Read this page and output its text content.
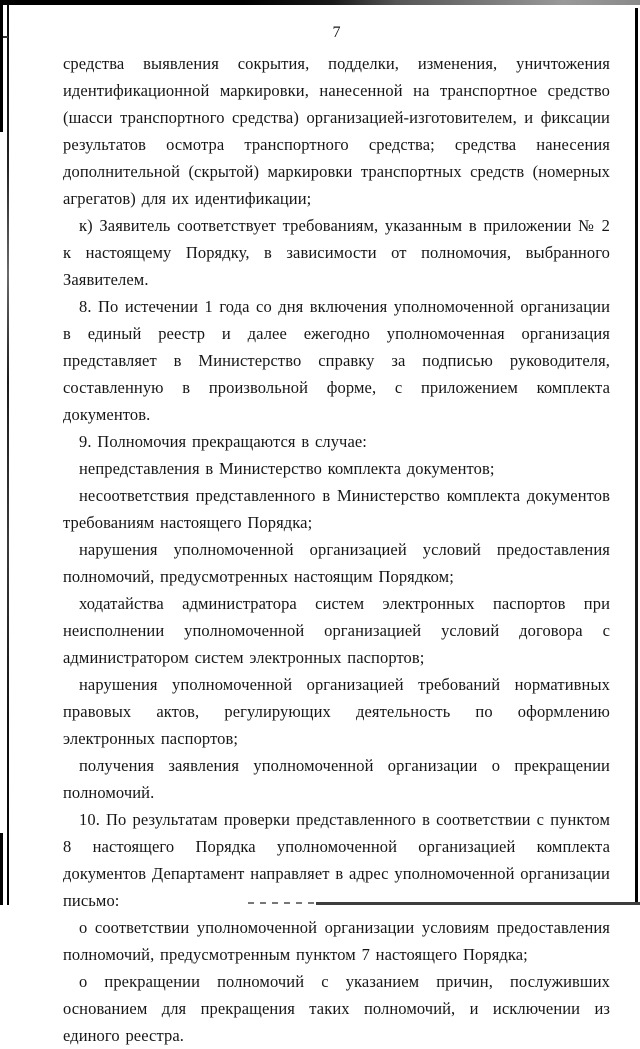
7

средства выявления сокрытия, подделки, изменения, уничтожения идентификационной маркировки, нанесенной на транспортное средство (шасси транспортного средства) организацией-изготовителем, и фиксации результатов осмотра транспортного средства; средства нанесения дополнительной (скрытой) маркировки транспортных средств (номерных агрегатов) для их идентификации;

к) Заявитель соответствует требованиям, указанным в приложении № 2 к настоящему Порядку, в зависимости от полномочия, выбранного Заявителем.

8. По истечении 1 года со дня включения уполномоченной организации в единый реестр и далее ежегодно уполномоченная организация представляет в Министерство справку за подписью руководителя, составленную в произвольной форме, с приложением комплекта документов.

9. Полномочия прекращаются в случае:

непредставления в Министерство комплекта документов;

несоответствия представленного в Министерство комплекта документов требованиям настоящего Порядка;

нарушения уполномоченной организацией условий предоставления полномочий, предусмотренных настоящим Порядком;

ходатайства администратора систем электронных паспортов при неисполнении уполномоченной организацией условий договора с администратором систем электронных паспортов;

нарушения уполномоченной организацией требований нормативных правовых актов, регулирующих деятельность по оформлению электронных паспортов;

получения заявления уполномоченной организации о прекращении полномочий.

10. По результатам проверки представленного в соответствии с пунктом 8 настоящего Порядка уполномоченной организацией комплекта документов Департамент направляет в адрес уполномоченной организации письмо:

о соответствии уполномоченной организации условиям предоставления полномочий, предусмотренным пунктом 7 настоящего Порядка;

о прекращении полномочий с указанием причин, послуживших основанием для прекращения таких полномочий, и исключении из единого реестра.
